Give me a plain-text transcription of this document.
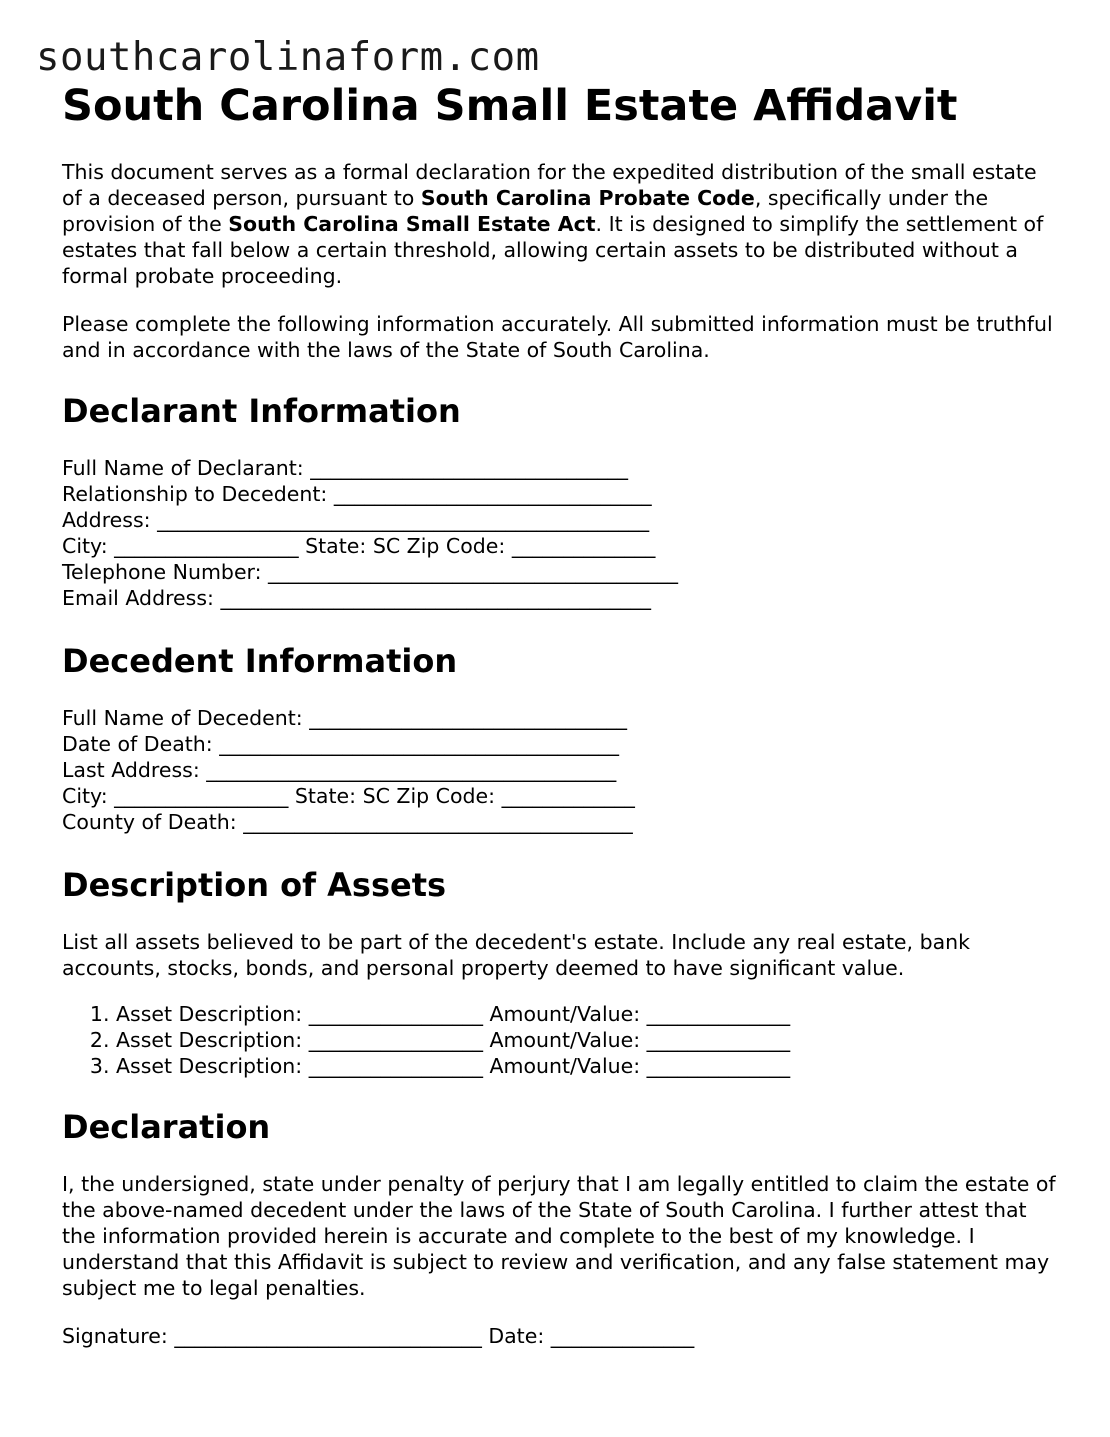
southcarolinaform.com
South Carolina Small Estate Affidavit

This document serves as a formal declaration for the expedited distribution of the small estate of a deceased person, pursuant to South Carolina Probate Code, specifically under the provision of the South Carolina Small Estate Act. It is designed to simplify the settlement of estates that fall below a certain threshold, allowing certain assets to be distributed without a formal probate proceeding.

Please complete the following information accurately. All submitted information must be truthful and in accordance with the laws of the State of South Carolina.

Declarant Information
Full Name of Declarant: _______________________________
Relationship to Decedent: _______________________________
Address: ________________________________________________
City: __________________ State: SC Zip Code: ______________
Telephone Number: ________________________________________
Email Address: __________________________________________
Decedent Information
Full Name of Decedent: _______________________________
Date of Death: _______________________________________
Last Address: ________________________________________
City: _________________ State: SC Zip Code: _____________
County of Death: ______________________________________
Description of Assets

List all assets believed to be part of the decedent's estate. Include any real estate, bank accounts, stocks, bonds, and personal property deemed to have significant value.

1. Asset Description: _________________ Amount/Value: ______________
2. Asset Description: _________________ Amount/Value: ______________
3. Asset Description: _________________ Amount/Value: ______________
Declaration

I, the undersigned, state under penalty of perjury that I am legally entitled to claim the estate of the above-named decedent under the laws of the State of South Carolina. I further attest that the information provided herein is accurate and complete to the best of my knowledge. I understand that this Affidavit is subject to review and verification, and any false statement may subject me to legal penalties.

Signature: ______________________________ Date: ______________
